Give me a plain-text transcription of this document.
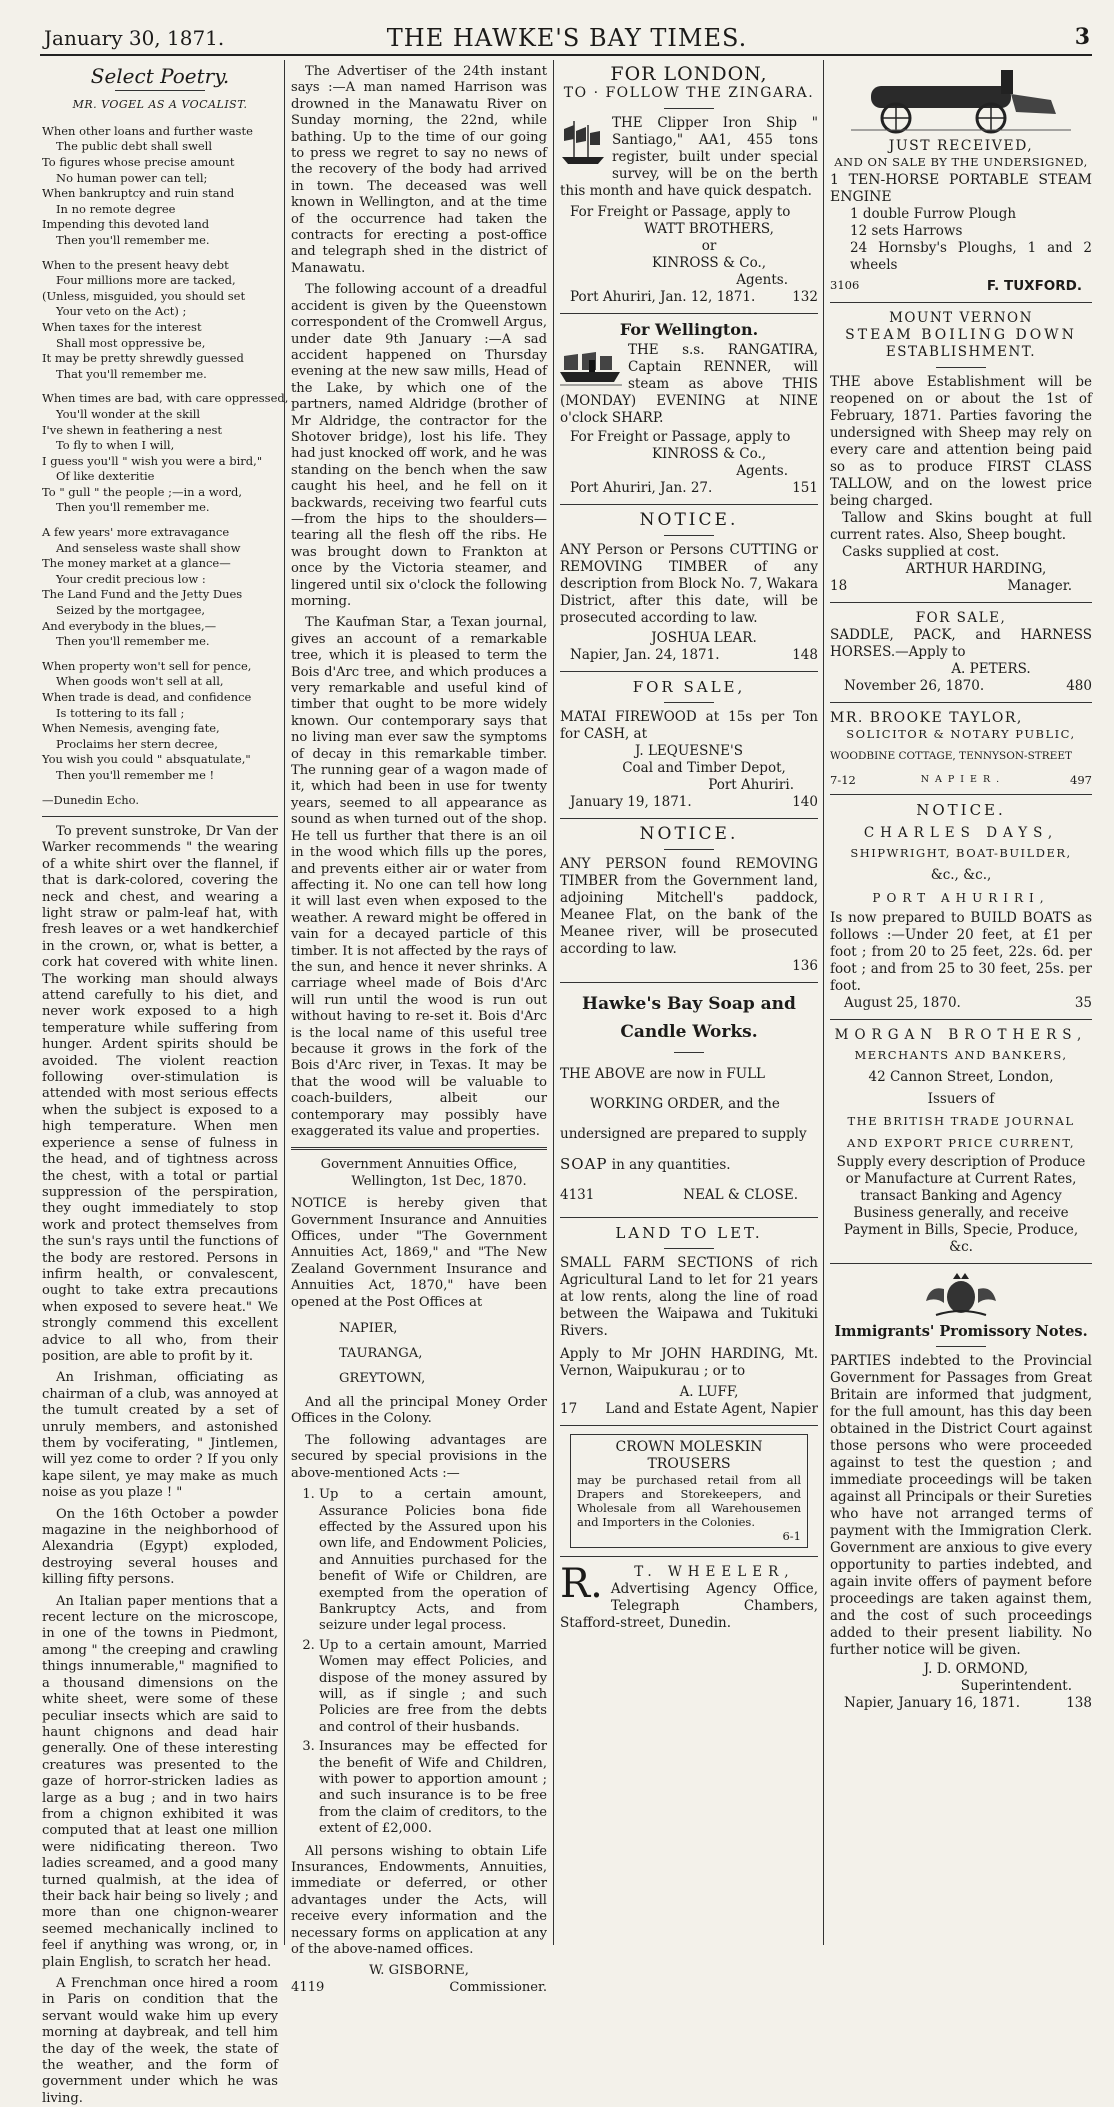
January 30, 1871.	THE HAWKE'S BAY TIMES.	3
Select Poetry.
MR. VOGEL AS A VOCALIST.
When other loans and further waste
The public debt shall swell
To figures whose precise amount
No human power can tell;
When bankruptcy and ruin stand
In no remote degree
Impending this devoted land
Then you'll remember me.
When to the present heavy debt
Four millions more are tacked,
(Unless, misguided, you should set
Your veto on the Act) ;
When taxes for the interest
Shall most oppressive be,
It may be pretty shrewdly guessed
That you'll remember me.
When times are bad, with care oppressed,
You'll wonder at the skill
I've shewn in feathering a nest
To fly to when I will,
I guess you'll " wish you were a bird,"
Of like dexteritie
To " gull " the people ;—in a word,
Then you'll remember me.
A few years' more extravagance
And senseless waste shall show
The money market at a glance—
Your credit precious low :
The Land Fund and the Jetty Dues
Seized by the mortgagee,
And everybody in the blues,—
Then you'll remember me.
When property won't sell for pence,
When goods won't sell at all,
When trade is dead, and confidence
Is tottering to its fall ;
When Nemesis, avenging fate,
Proclaims her stern decree,
You wish you could " absquatulate,"
Then you'll remember me !
—Dunedin Echo.

To prevent sunstroke, Dr Van der Warker recommends " the wearing of a white shirt over the flannel, if that is dark-colored, covering the neck and chest, and wearing a light straw or palm-leaf hat, with fresh leaves or a wet handkerchief in the crown, or, what is better, a cork hat covered with white linen. The working man should always attend carefully to his diet, and never work exposed to a high temperature while suffering from hunger. Ardent spirits should be avoided. The violent reaction following over-stimulation is attended with most serious effects when the subject is exposed to a high temperature. When men experience a sense of fulness in the head, and of tightness across the chest, with a total or partial suppression of the perspiration, they ought immediately to stop work and protect themselves from the sun's rays until the functions of the body are restored. Persons in infirm health, or convalescent, ought to take extra precautions when exposed to severe heat." We strongly commend this excellent advice to all who, from their position, are able to profit by it.

An Irishman, officiating as chairman of a club, was annoyed at the tumult created by a set of unruly members, and astonished them by vociferating, " Jintlemen, will yez come to order ? If you only kape silent, ye may make as much noise as you plaze ! "

On the 16th October a powder magazine in the neighborhood of Alexandria (Egypt) exploded, destroying several houses and killing fifty persons.

An Italian paper mentions that a recent lecture on the microscope, in one of the towns in Piedmont, among " the creeping and crawling things innumerable," magnified to a thousand dimensions on the white sheet, were some of these peculiar insects which are said to haunt chignons and dead hair generally. One of these interesting creatures was presented to the gaze of horror-stricken ladies as large as a bug ; and in two hairs from a chignon exhibited it was computed that at least one million were nidificating thereon. Two ladies screamed, and a good many turned qualmish, at the idea of their back hair being so lively ; and more than one chignon-wearer seemed mechanically inclined to feel if anything was wrong, or, in plain English, to scratch her head.

A Frenchman once hired a room in Paris on condition that the servant would wake him up every morning at daybreak, and tell him the day of the week, the state of the weather, and the form of government under which he was living.

The Advertiser of the 24th instant says :—A man named Harrison was drowned in the Manawatu River on Sunday morning, the 22nd, while bathing. Up to the time of our going to press we regret to say no news of the recovery of the body had arrived in town. The deceased was well known in Wellington, and at the time of the occurrence had taken the contracts for erecting a post-office and telegraph shed in the district of Manawatu.

The following account of a dreadful accident is given by the Queenstown correspondent of the Cromwell Argus, under date 9th January :—A sad accident happened on Thursday evening at the new saw mills, Head of the Lake, by which one of the partners, named Aldridge (brother of Mr Aldridge, the contractor for the Shotover bridge), lost his life. They had just knocked off work, and he was standing on the bench when the saw caught his heel, and he fell on it backwards, receiving two fearful cuts—from the hips to the shoulders—tearing all the flesh off the ribs. He was brought down to Frankton at once by the Victoria steamer, and lingered until six o'clock the following morning.

The Kaufman Star, a Texan journal, gives an account of a remarkable tree, which it is pleased to term the Bois d'Arc tree, and which produces a very remarkable and useful kind of timber that ought to be more widely known. Our contemporary says that no living man ever saw the symptoms of decay in this remarkable timber. The running gear of a wagon made of it, which had been in use for twenty years, seemed to all appearance as sound as when turned out of the shop. He tell us further that there is an oil in the wood which fills up the pores, and prevents either air or water from affecting it. No one can tell how long it will last even when exposed to the weather. A reward might be offered in vain for a decayed particle of this timber. It is not affected by the rays of the sun, and hence it never shrinks. A carriage wheel made of Bois d'Arc will run until the wood is run out without having to re-set it. Bois d'Arc is the local name of this useful tree because it grows in the fork of the Bois d'Arc river, in Texas. It may be that the wood will be valuable to coach-builders, albeit our contemporary may possibly have exaggerated its value and properties.

Government Annuities Office,
Wellington, 1st Dec, 1870.

NOTICE is hereby given that Government Insurance and Annuities Offices, under "The Government Annuities Act, 1869," and "The New Zealand Government Insurance and Annuities Act, 1870," have been opened at the Post Offices at

NAPIER,
TAURANGA,
GREYTOWN,

And all the principal Money Order Offices in the Colony.

The following advantages are secured by special provisions in the above-mentioned Acts :—

1. Up to a certain amount, Assurance Policies bona fide effected by the Assured upon his own life, and Endowment Policies, and Annuities purchased for the benefit of Wife or Children, are exempted from the operation of Bankruptcy Acts, and from seizure under legal process.
2. Up to a certain amount, Married Women may effect Policies, and dispose of the money assured by will, as if single ; and such Policies are free from the debts and control of their husbands.
3. Insurances may be effected for the benefit of Wife and Children, with power to apportion amount ; and such insurance is to be free from the claim of creditors, to the extent of £2,000.

All persons wishing to obtain Life Insurances, Endowments, Annuities, immediate or deferred, or other advantages under the Acts, will receive every information and the necessary forms on application at any of the above-named offices.

W. GISBORNE,
4119	Commissioner.
FOR LONDON,
TO · FOLLOW THE ZINGARA.
THE Clipper Iron Ship " Santiago," AA1, 455 tons register, built under special survey, will be on the berth this month and have quick despatch.
For Freight or Passage, apply to
WATT BROTHERS,
or
KINROSS & Co.,
Agents.
Port Ahuriri, Jan. 12, 1871.	132
For Wellington.
THE s.s. RANGATIRA, Captain RENNER, will steam as above THIS (MONDAY) EVENING at NINE o'clock SHARP.
For Freight or Passage, apply to
KINROSS & Co.,
Agents.
Port Ahuriri, Jan. 27.	151
NOTICE.
ANY Person or Persons CUTTING or REMOVING TIMBER of any description from Block No. 7, Wakara District, after this date, will be prosecuted according to law.
JOSHUA LEAR.
Napier, Jan. 24, 1871.	148
FOR SALE,
MATAI FIREWOOD at 15s per Ton for CASH, at
J. LEQUESNE'S
Coal and Timber Depot,
Port Ahuriri.
January 19, 1871.	140
NOTICE.
ANY PERSON found REMOVING TIMBER from the Government land, adjoining Mitchell's paddock, Meanee Flat, on the bank of the Meanee river, will be prosecuted according to law.
136
Hawke's Bay Soap and Candle Works.
THE ABOVE are now in FULL
WORKING ORDER, and the
undersigned are prepared to supply
SOAP in any quantities.
4131	NEAL & CLOSE.
LAND TO LET.
SMALL FARM SECTIONS of rich Agricultural Land to let for 21 years at low rents, along the line of road between the Waipawa and Tukituki Rivers.
Apply to Mr JOHN HARDING, Mt. Vernon, Waipukurau ; or to
A. LUFF,
17 Land and Estate Agent, Napier
CROWN MOLESKIN TROUSERS
may be purchased retail from all Drapers and Storekeepers, and Wholesale from all Warehousemen and Importers in the Colonies.
6-1
R.	T. WHEELER,
Advertising Agency Office, Telegraph Chambers, Stafford-street, Dunedin.
JUST RECEIVED,
AND ON SALE BY THE UNDERSIGNED,
1 TEN-HORSE PORTABLE STEAM ENGINE
1 double Furrow Plough
12 sets Harrows
24 Hornsby's Ploughs, 1 and 2 wheels
3106	F. TUXFORD.
MOUNT VERNON
STEAM BOILING DOWN
ESTABLISHMENT.
THE above Establishment will be reopened on or about the 1st of February, 1871. Parties favoring the undersigned with Sheep may rely on every care and attention being paid so as to produce FIRST CLASS TALLOW, and on the lowest price being charged.
Tallow and Skins bought at full current rates. Also, Sheep bought.
Casks supplied at cost.
ARTHUR HARDING,
18	Manager.
FOR SALE,
SADDLE, PACK, and HARNESS HORSES.—Apply to
A. PETERS.
November 26, 1870.	480
MR. BROOKE TAYLOR,
SOLICITOR & NOTARY PUBLIC,
WOODBINE COTTAGE, TENNYSON-STREET
7-12	NAPIER.	497
NOTICE.
CHARLES DAYS,
SHIPWRIGHT, BOAT-BUILDER,
&c., &c.,
PORT AHURIRI,
Is now prepared to BUILD BOATS as follows :—Under 20 feet, at £1 per foot ; from 20 to 25 feet, 22s. 6d. per foot ; and from 25 to 30 feet, 25s. per foot.
August 25, 1870.	35
MORGAN BROTHERS,
MERCHANTS AND BANKERS,
42 Cannon Street, London,
Issuers of
THE BRITISH TRADE JOURNAL
AND EXPORT PRICE CURRENT,
Supply every description of Produce or Manufacture at Current Rates, transact Banking and Agency Business generally, and receive Payment in Bills, Specie, Produce, &c.
Immigrants' Promissory Notes.
PARTIES indebted to the Provincial Government for Passages from Great Britain are informed that judgment, for the full amount, has this day been obtained in the District Court against those persons who were proceeded against to test the question ; and immediate proceedings will be taken against all Principals or their Sureties who have not arranged terms of payment with the Immigration Clerk. Government are anxious to give every opportunity to parties indebted, and again invite offers of payment before proceedings are taken against them, and the cost of such proceedings added to their present liability. No further notice will be given.
J. D. ORMOND,
Superintendent.
Napier, January 16, 1871.	138
